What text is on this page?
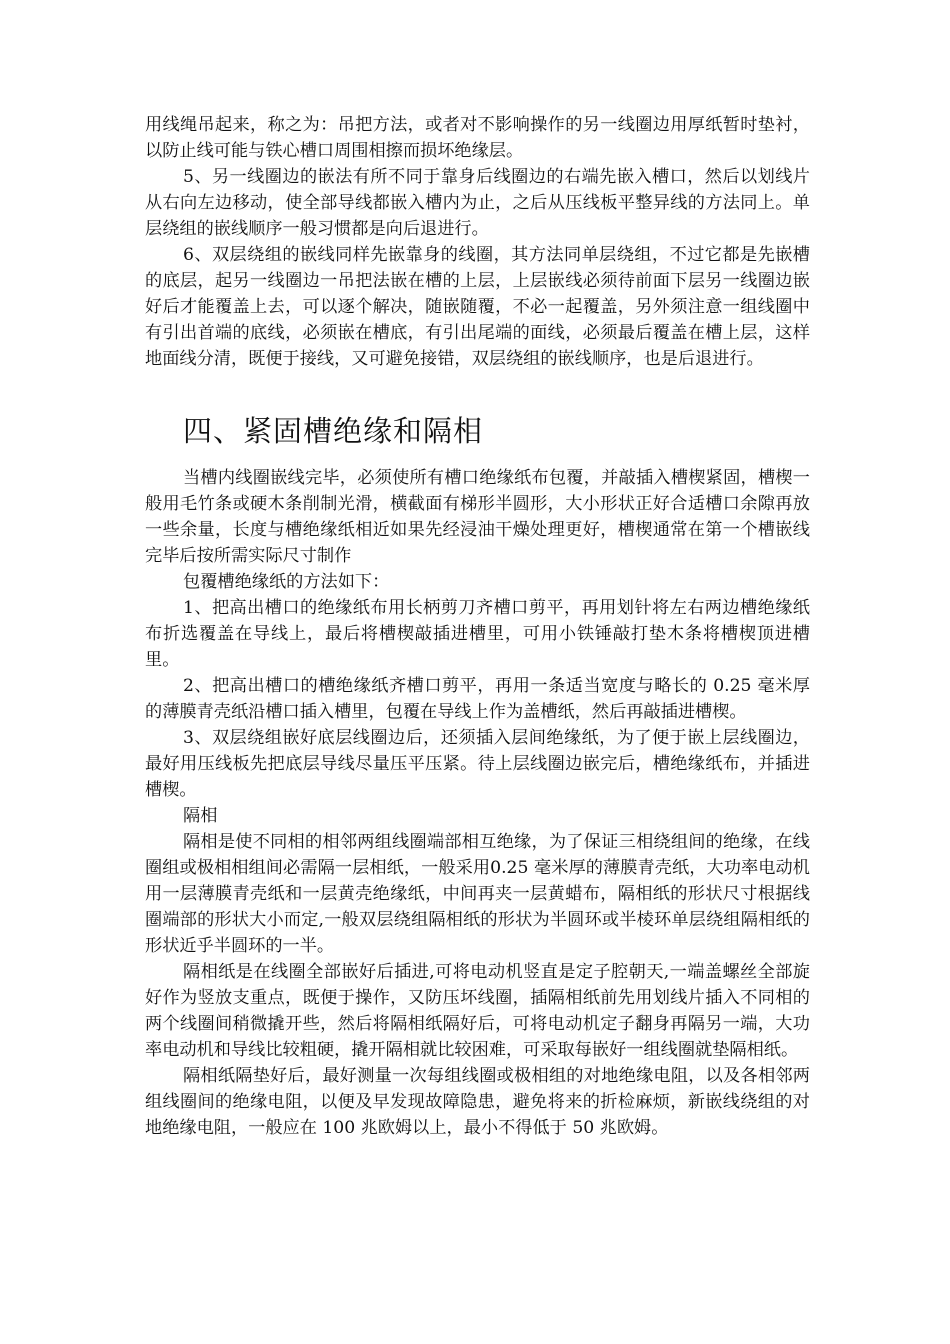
用线绳吊起来，称之为：吊把方法，或者对不影响操作的另一线圈边用厚纸暂时垫衬，以防止线可能与铁心槽口周围相擦而损坏绝缘层。

5、另一线圈边的嵌法有所不同于靠身后线圈边的右端先嵌入槽口，然后以划线片从右向左边移动，使全部导线都嵌入槽内为止，之后从压线板平整异线的方法同上。单层绕组的嵌线顺序一般习惯都是向后退进行。

6、双层绕组的嵌线同样先嵌靠身的线圈，其方法同单层绕组，不过它都是先嵌槽的底层，起另一线圈边一吊把法嵌在槽的上层，上层嵌线必须待前面下层另一线圈边嵌好后才能覆盖上去，可以逐个解决，随嵌随覆，不必一起覆盖，另外须注意一组线圈中有引出首端的底线，必须嵌在槽底，有引出尾端的面线，必须最后覆盖在槽上层，这样地面线分清，既便于接线，又可避免接错，双层绕组的嵌线顺序，也是后退进行。

四、紧固槽绝缘和隔相

当槽内线圈嵌线完毕，必须使所有槽口绝缘纸布包覆，并敲插入槽楔紧固，槽楔一般用毛竹条或硬木条削制光滑，横截面有梯形半圆形，大小形状正好合适槽口余隙再放一些余量，长度与槽绝缘纸相近如果先经浸油干燥处理更好，槽楔通常在第一个槽嵌线完毕后按所需实际尺寸制作

包覆槽绝缘纸的方法如下：

1、把高出槽口的绝缘纸布用长柄剪刀齐槽口剪平，再用划针将左右两边槽绝缘纸布折选覆盖在导线上，最后将槽楔敲插进槽里，可用小铁锤敲打垫木条将槽楔顶进槽里。

2、把高出槽口的槽绝缘纸齐槽口剪平，再用一条适当宽度与略长的 0.25 毫米厚的薄膜青壳纸沿槽口插入槽里，包覆在导线上作为盖槽纸，然后再敲插进槽楔。

3、双层绕组嵌好底层线圈边后，还须插入层间绝缘纸，为了便于嵌上层线圈边，最好用压线板先把底层导线尽量压平压紧。待上层线圈边嵌完后，槽绝缘纸布，并插进槽楔。

隔相

隔相是使不同相的相邻两组线圈端部相互绝缘，为了保证三相绕组间的绝缘，在线圈组或极相相组间必需隔一层相纸，一般采用0.25 毫米厚的薄膜青壳纸，大功率电动机用一层薄膜青壳纸和一层黄壳绝缘纸，中间再夹一层黄蜡布，隔相纸的形状尺寸根据线圈端部的形状大小而定,一般双层绕组隔相纸的形状为半圆环或半棱环单层绕组隔相纸的形状近乎半圆环的一半。

隔相纸是在线圈全部嵌好后插进,可将电动机竖直是定子腔朝天,一端盖螺丝全部旋好作为竖放支重点，既便于操作，又防压坏线圈，插隔相纸前先用划线片插入不同相的两个线圈间稍微撬开些，然后将隔相纸隔好后，可将电动机定子翻身再隔另一端，大功率电动机和导线比较粗硬，撬开隔相就比较困难，可采取每嵌好一组线圈就垫隔相纸。

隔相纸隔垫好后，最好测量一次每组线圈或极相组的对地绝缘电阻，以及各相邻两组线圈间的绝缘电阻，以便及早发现故障隐患，避免将来的折检麻烦，新嵌线绕组的对地绝缘电阻，一般应在 100 兆欧姆以上，最小不得低于 50 兆欧姆。
